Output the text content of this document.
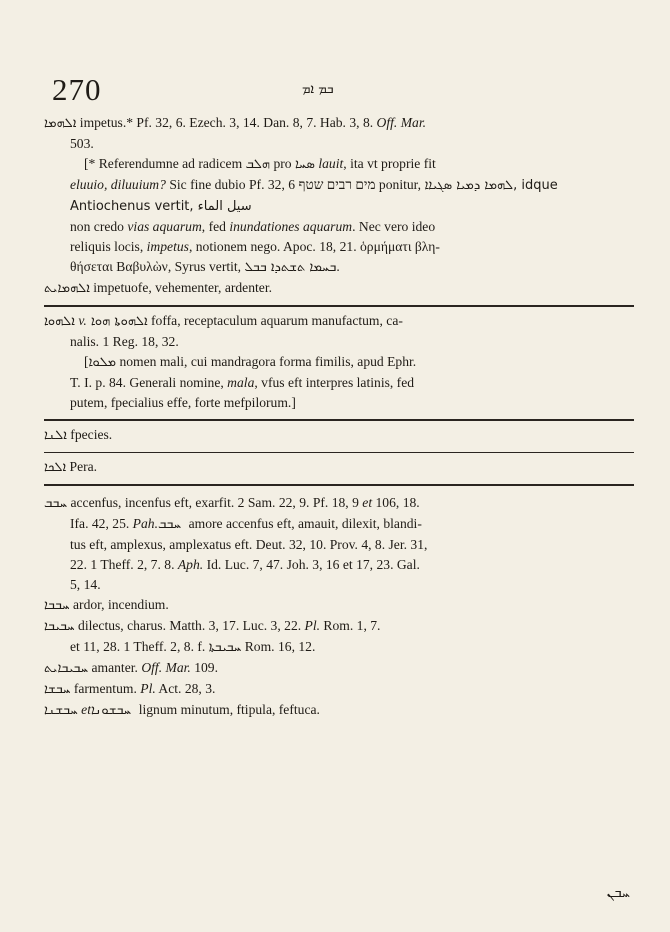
270	ܒܡ ܐܡ

ܐܠܗܡܐ impetus.* Pf. 32, 6. Ezech. 3, 14. Dan. 8, 7. Hab. 3, 8. Off. Mar.

503.

[* Referendumne ad radicem ܗܠܒ pro ܣܚܐ lauit, ita vt proprie fit

eluuio, diluuium? Sic fine dubio Pf. 32, 6 מים רבים שטף ponitur, ܠܗܡܐ ܕܡܝܐ ܣܓܝܐܐ, idque Antiochenus vertit, سيل الماء

non credo vias aquarum, fed inundationes aquarum. Nec vero ideo

reliquis locis, impetus, notionem nego. Apoc. 18, 21. ὁρμήματι βλη-

θήσεται Βαβυλὼν, Syrus vertit, ܒܚܡܐ ܬܫܬܕܐ ܒܒܠ.

ܐܠܗܡܐܝܬ impetuofe, vehementer, ardenter.

ܐܠܗܘܐ v. ܗܘܐ ܐܠܗܘܬܐ foffa, receptaculum aquarum manufactum, ca-

nalis. 1 Reg. 18, 32.

[ܡܠܘܐ nomen mali, cui mandragora forma fimilis, apud Ephr.

T. I. p. 84. Generali nomine, mala, vfus eft interpres latinis, fed

putem, fpecialius effe, forte mefpilorum.]

ܐܠܢܐ fpecies.

ܐܠܟܐ Pera.

ܚܒܒ accenfus, incenfus eft, exarfit. 2 Sam. 22, 9. Pf. 18, 9 et 106, 18.

Ifa. 42, 25. Pah. ܚܒܒ amore accenfus eft, amauit, dilexit, blandi-

tus eft, amplexus, amplexatus eft. Deut. 32, 10. Prov. 4, 8. Jer. 31,

22. 1 Theff. 2, 7. 8. Aph. Id. Luc. 7, 47. Joh. 3, 16 et 17, 23. Gal.

5, 14.

ܚܒܒܐ ardor, incendium.

ܚܒܝܒܐ dilectus, charus. Matth. 3, 17. Luc. 3, 22. Pl. Rom. 1, 7.

et 11, 28. 1 Theff. 2, 8. f. ܚܒܝܒܬܐ Rom. 16, 12.

ܚܒܝܒܐܝܬ amanter. Off. Mar. 109.

ܚܒܫܐ farmentum. Pl. Act. 28, 3.

ܚܒܫܢܐ et ܚܒܫܘܢܐ lignum minutum, ftipula, feftuca.

ܚܒܢ
